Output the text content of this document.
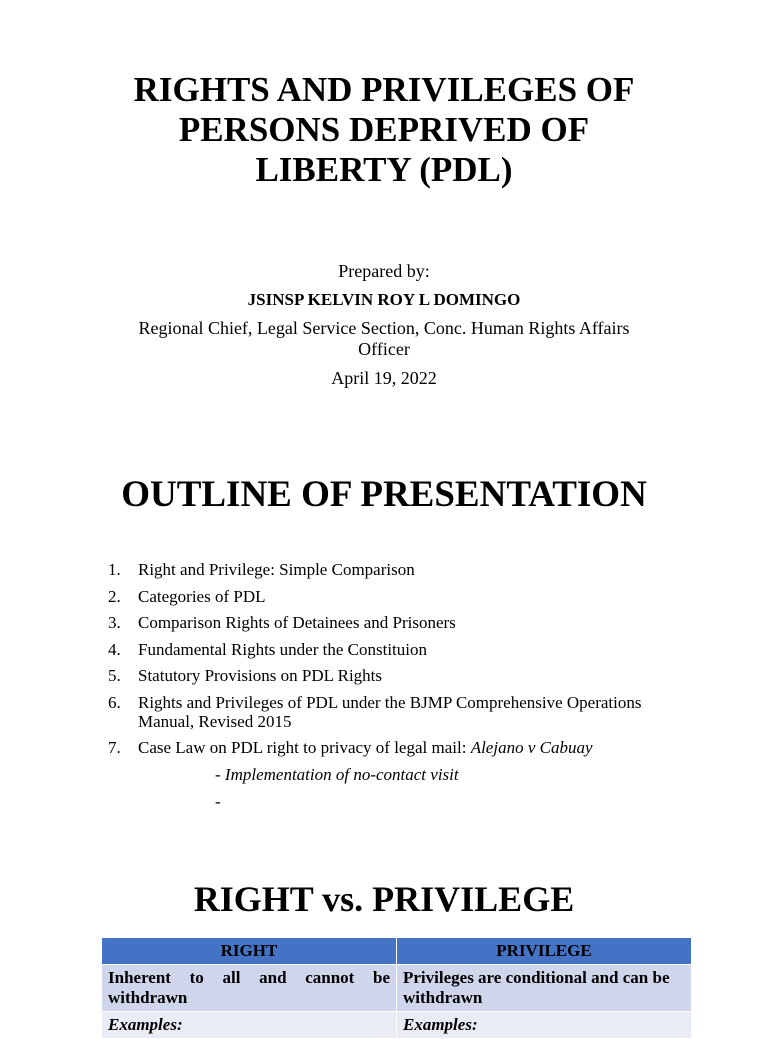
RIGHTS AND PRIVILEGES OF
PERSONS DEPRIVED OF
LIBERTY (PDL)
Prepared by:
JSINSP KELVIN ROY L DOMINGO
Regional Chief, Legal Service Section, Conc. Human Rights Affairs
Officer
April 19, 2022
OUTLINE OF PRESENTATION
1.	Right and Privilege: Simple Comparison
2.	Categories of PDL
3.	Comparison Rights of Detainees and Prisoners
4.	Fundamental Rights under the Constituion
5.	Statutory Provisions on PDL Rights
6.	Rights and Privileges of PDL under the BJMP Comprehensive Operations Manual, Revised 2015
7.	Case Law on PDL right to privacy of legal mail: Alejano v Cabuay
- Implementation of no-contact visit
-
RIGHT vs. PRIVILEGE
RIGHT	PRIVILEGE
Inherent to all and cannot be withdrawn	Privileges are conditional and can be withdrawn
Examples:	Examples:
